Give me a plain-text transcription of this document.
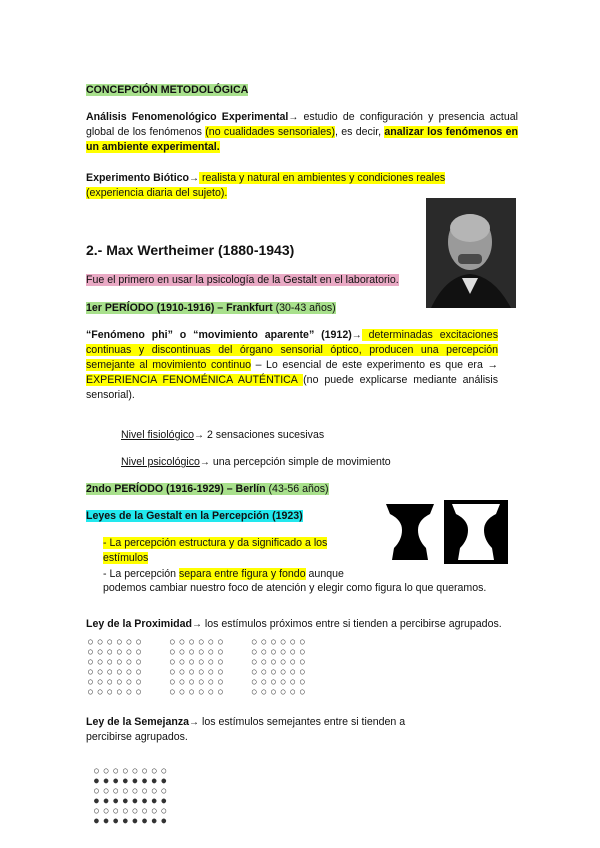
CONCEPCIÓN METODOLÓGICA
Análisis Fenomenológico Experimental→ estudio de configuración y presencia actual global de los fenómenos (no cualidades sensoriales), es decir, analizar los fenómenos en un ambiente experimental.
Experimento Biótico→ realista y natural en ambientes y condiciones reales (experiencia diaria del sujeto).
2.- Max Wertheimer (1880-1943)
Fue el primero en usar la psicología de la Gestalt en el laboratorio.
1er PERÍODO (1910-1916) – Frankfurt (30-43 años)
“Fenómeno phi” o “movimiento aparente” (1912)→ determinadas excitaciones continuas y discontinuas del órgano sensorial óptico, producen una percepción semejante al movimiento continuo – Lo esencial de este experimento es que era → EXPERIENCIA FENOMÉNICA AUTÉNTICA (no puede explicarse mediante análisis sensorial).
Nivel fisiológico→ 2 sensaciones sucesivas
Nivel psicológico→ una percepción simple de movimiento
2ndo PERÍODO (1916-1929) – Berlín (43-56 años)
Leyes de la Gestalt en la Percepción (1923)
- La percepción estructura y da significado a los estímulos
- La percepción separa entre figura y fondo aunque
podemos cambiar nuestro foco de atención y elegir como figura lo que queramos.
Ley de la Proximidad→ los estímulos próximos entre si tienden a percibirse agrupados.
○ ○ ○ ○ ○ ○      ○ ○ ○ ○ ○ ○      ○ ○ ○ ○ ○ ○
○ ○ ○ ○ ○ ○      ○ ○ ○ ○ ○ ○      ○ ○ ○ ○ ○ ○
○ ○ ○ ○ ○ ○      ○ ○ ○ ○ ○ ○      ○ ○ ○ ○ ○ ○
○ ○ ○ ○ ○ ○      ○ ○ ○ ○ ○ ○      ○ ○ ○ ○ ○ ○
○ ○ ○ ○ ○ ○      ○ ○ ○ ○ ○ ○      ○ ○ ○ ○ ○ ○
○ ○ ○ ○ ○ ○      ○ ○ ○ ○ ○ ○      ○ ○ ○ ○ ○ ○
Ley de la Semejanza→ los estímulos semejantes entre si tienden a percibirse agrupados.
○ ○ ○ ○ ○ ○ ○ ○
● ● ● ● ● ● ● ●
○ ○ ○ ○ ○ ○ ○ ○
● ● ● ● ● ● ● ●
○ ○ ○ ○ ○ ○ ○ ○
● ● ● ● ● ● ● ●
